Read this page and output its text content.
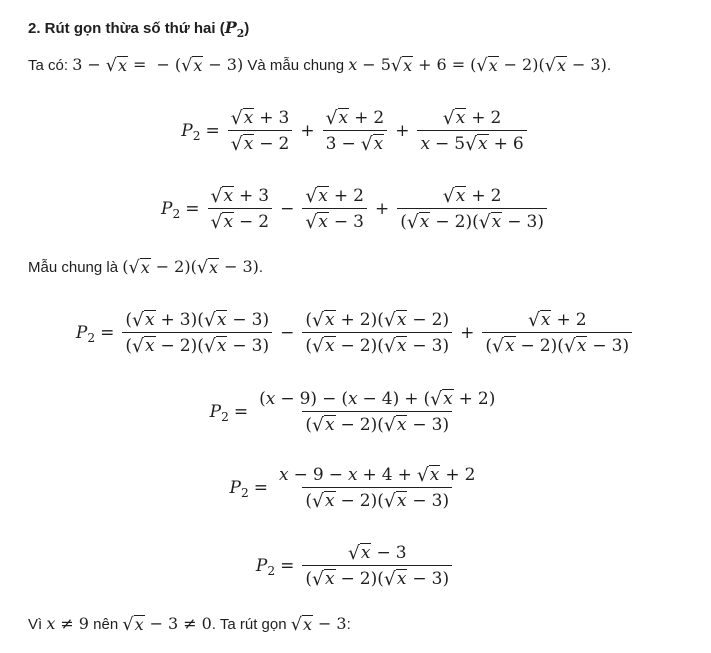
2. Rút gọn thừa số thứ hai $(P_2)$
Ta có: 3 − √ x = − ( √ x − 3) Và mẫu chung x − 5 √ x + 6 = ( √ x − 2)( √ x − 3).
$P_2 = \frac{√ x + 3}{√ x - 2} + \frac{√ x + 2}{3 - √ x} + \frac{√ x + 2}{x - 5 √ x + 6}$
$P_2 = \frac{√ x + 3}{√ x - 2} - \frac{√ x + 2}{√ x - 3} + \frac{√ x + 2}{( √ x - 2)( √ x - 3)}$
Mẫu chung là ( √ x − 2)( √ x − 3).
$P_2 = \frac{( √ x + 3)( √ x - 3)}{( √ x - 2)( √ x - 3)} - \frac{( √ x + 2)( √ x - 2)}{( √ x - 2)( √ x - 3)} + \frac{√ x + 2}{( √ x - 2)( √ x - 3)}$
$P_2 = \frac{(x - 9) - (x - 4) + ( √ x + 2)}{( √ x - 2)( √ x - 3)}$
$P_2 = \frac{x - 9 - x + 4 + √ x + 2}{( √ x - 2)( √ x - 3)}$
$P_2 = \frac{√ x - 3}{( √ x - 2)( √ x - 3)}$
Vì x ≠ 9 nên √ x − 3 ≠ 0. Ta rút gọn √ x − 3:
